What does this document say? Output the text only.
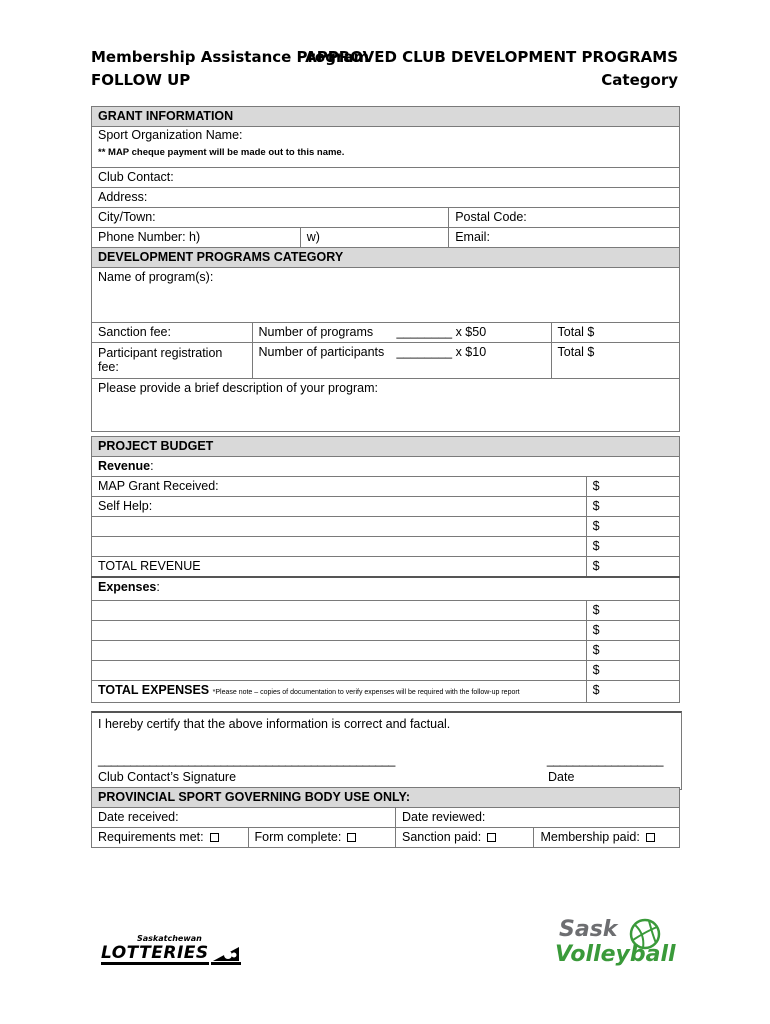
Membership Assistance Program
FOLLOW UP
APPROVED CLUB DEVELOPMENT PROGRAMS
Category
GRANT INFORMATION		

Sport Organization Name:
** MAP cheque payment will be made out to this name.		

Club Contact:		
Address:		
City/Town:		Postal Code:
Phone Number: h)	w)	Email:
DEVELOPMENT PROGRAMS CATEGORY			
Name of program(s):			
Sanction fee:	Number of programs	________ x $50	Total $
Participant registration fee:	Number of participants	________ x $10	Total $
Please provide a brief description of your program:			
PROJECT BUDGET	
Revenue:	
MAP Grant Received:	$
Self Help:	$
	$
	$
TOTAL REVENUE	$
Expenses:	
	$
	$
	$
	$
TOTAL EXPENSES *Please note – copies of documentation to verify expenses will be required with the follow-up report	$
I hereby certify that the above information is correct and factual.
______________________________________________	__________________
Club Contact’s Signature	Date
PROVINCIAL SPORT GOVERNING BODY USE ONLY:			
Date received:		Date reviewed:	
Requirements met:	Form complete:	Sanction paid:	Membership paid:
Saskatchewan
LOTTERIES
Sask
Volleyball
